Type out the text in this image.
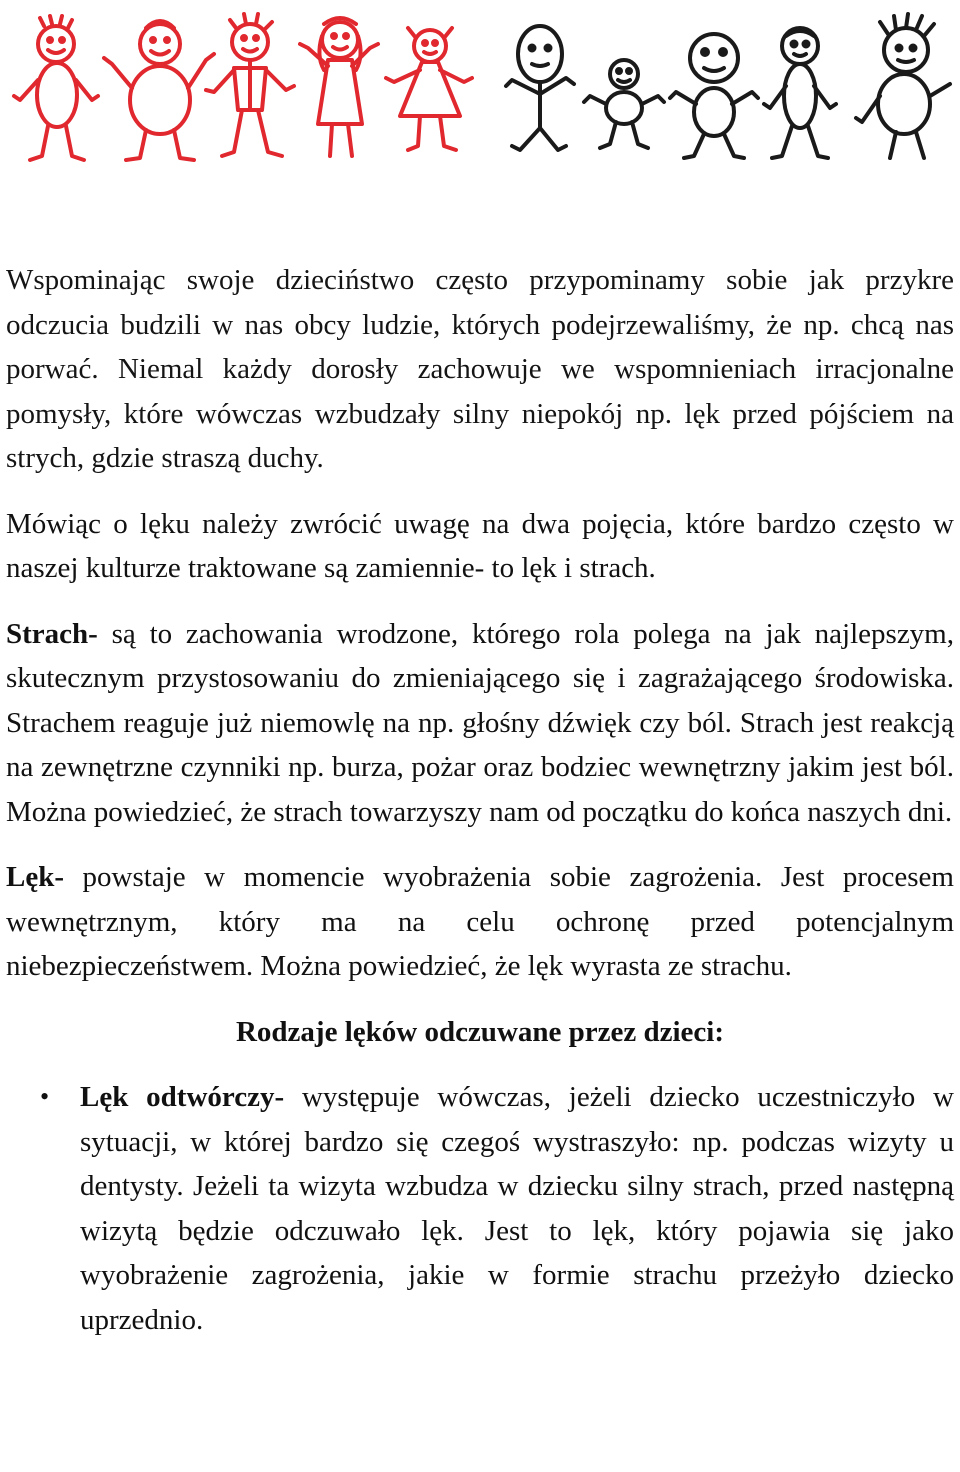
Wspominając swoje dzieciństwo często przypominamy sobie jak przykre odczucia budzili w nas obcy ludzie, których podejrzewaliśmy, że np. chcą nas porwać. Niemal każdy dorosły zachowuje we wspomnieniach irracjonalne pomysły, które wówczas wzbudzały silny niepokój np. lęk przed pójściem na strych, gdzie straszą duchy.

Mówiąc o lęku należy zwrócić uwagę na dwa pojęcia, które bardzo często w naszej kulturze traktowane są zamiennie- to lęk i strach.

Strach- są to zachowania wrodzone, którego rola polega na jak najlepszym, skutecznym przystosowaniu do zmieniającego się i zagrażającego środowiska. Strachem reaguje już niemowlę na np. głośny dźwięk czy ból. Strach jest reakcją na zewnętrzne czynniki np. burza, pożar oraz bodziec wewnętrzny jakim jest ból. Można powiedzieć, że strach towarzyszy nam od początku do końca naszych dni.

Lęk- powstaje w momencie wyobrażenia sobie zagrożenia. Jest procesem wewnętrznym, który ma na celu ochronę przed potencjalnym niebezpieczeństwem. Można powiedzieć, że lęk wyrasta ze strachu.

Rodzaje lęków odczuwane przez dzieci:

• Lęk odtwórczy- występuje wówczas, jeżeli dziecko uczestniczyło w sytuacji, w której bardzo się czegoś wystraszyło: np. podczas wizyty u dentysty. Jeżeli ta wizyta wzbudza w dziecku silny strach, przed następną wizytą będzie odczuwało lęk. Jest to lęk, który pojawia się jako wyobrażenie zagrożenia, jakie w formie strachu przeżyło dziecko uprzednio.
